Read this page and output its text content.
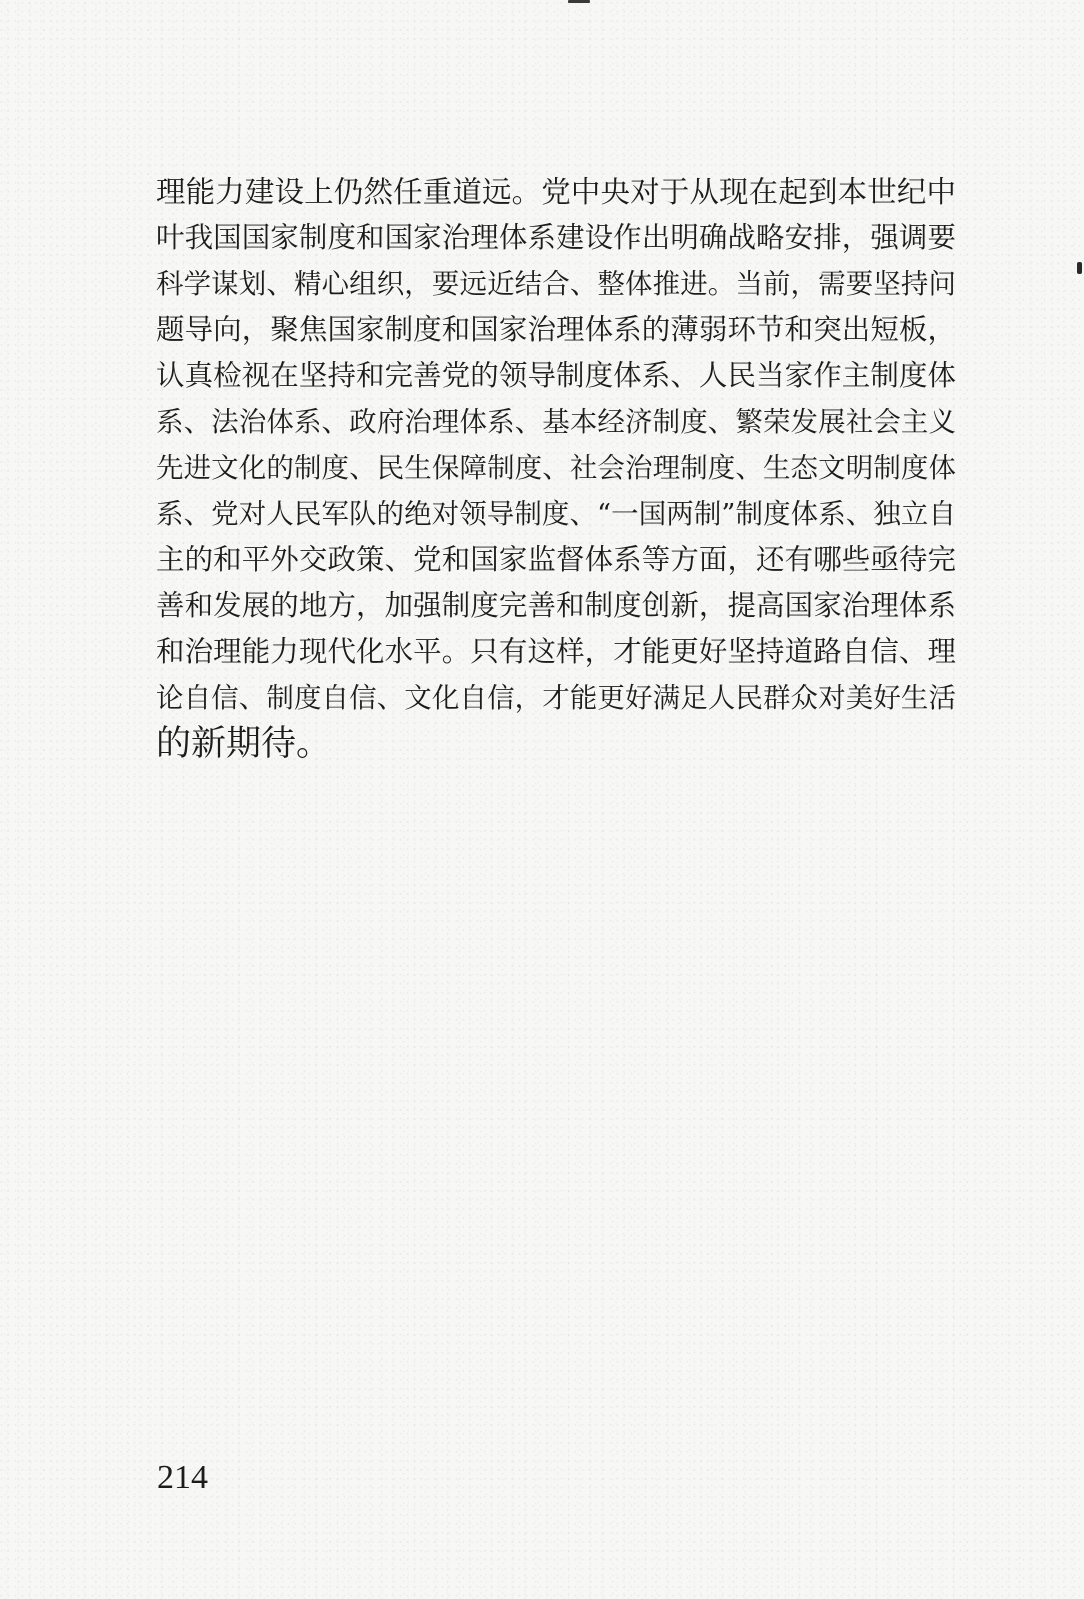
理能力建设上仍然任重道远。党中央对于从现在起到本世纪中
叶我国国家制度和国家治理体系建设作出明确战略安排，强调要
科学谋划、精心组织，要远近结合、整体推进。当前，需要坚持问
题导向，聚焦国家制度和国家治理体系的薄弱环节和突出短板，
认真检视在坚持和完善党的领导制度体系、人民当家作主制度体
系、法治体系、政府治理体系、基本经济制度、繁荣发展社会主义
先进文化的制度、民生保障制度、社会治理制度、生态文明制度体
系、党对人民军队的绝对领导制度、“一国两制”制度体系、独立自
主的和平外交政策、党和国家监督体系等方面，还有哪些亟待完
善和发展的地方，加强制度完善和制度创新，提高国家治理体系
和治理能力现代化水平。只有这样，才能更好坚持道路自信、理
论自信、制度自信、文化自信，才能更好满足人民群众对美好生活
的新期待。
214
